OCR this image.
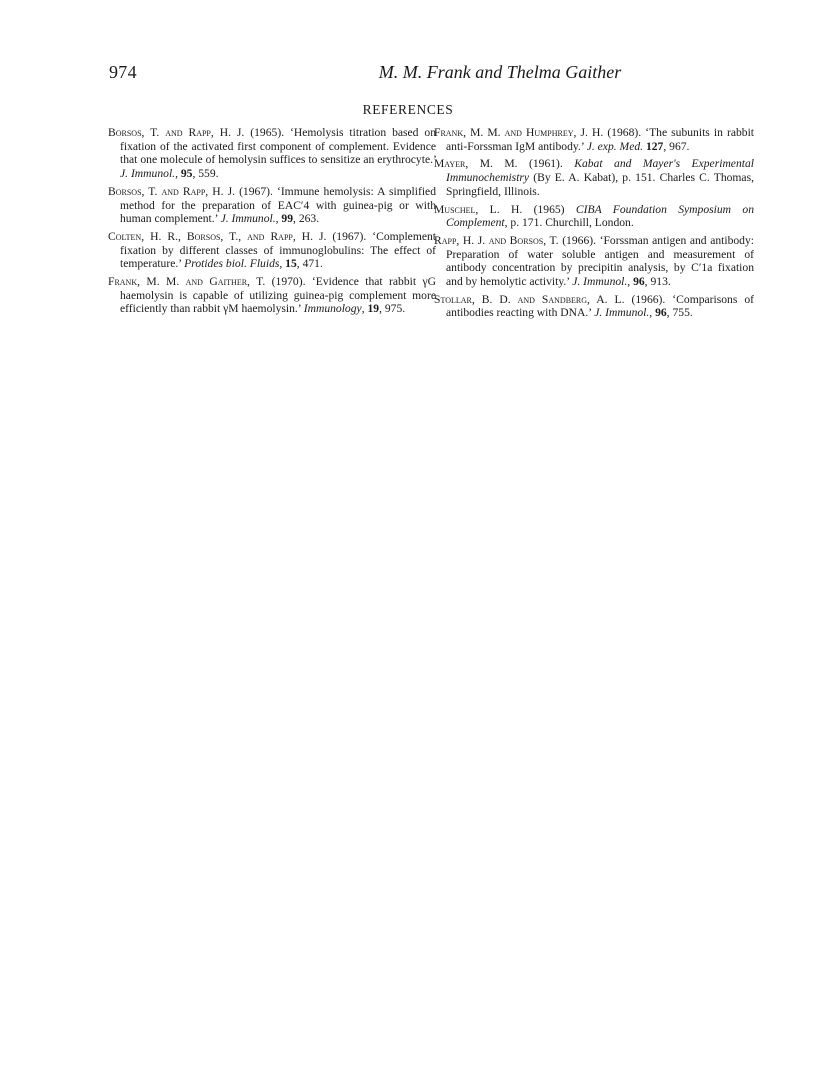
974	M. M. Frank and Thelma Gaither
REFERENCES

Borsos, T. and Rapp, H. J. (1965). ‘Hemolysis titration based on fixation of the activated first component of complement. Evidence that one molecule of hemolysin suffices to sensitize an erythrocyte.’ J. Immunol., 95, 559.

Borsos, T. and Rapp, H. J. (1967). ‘Immune hemolysis: A simplified method for the preparation of EAC′4 with guinea-pig or with human complement.’ J. Immunol., 99, 263.

Colten, H. R., Borsos, T., and Rapp, H. J. (1967). ‘Complement fixation by different classes of immunoglobulins: The effect of temperature.’ Protides biol. Fluids, 15, 471.

Frank, M. M. and Gaither, T. (1970). ‘Evidence that rabbit γG haemolysin is capable of utilizing guinea-pig complement more efficiently than rabbit γM haemolysin.’ Immunology, 19, 975.

Frank, M. M. and Humphrey, J. H. (1968). ‘The subunits in rabbit anti-Forssman IgM antibody.’ J. exp. Med. 127, 967.

Mayer, M. M. (1961). Kabat and Mayer's Experimental Immunochemistry (By E. A. Kabat), p. 151. Charles C. Thomas, Springfield, Illinois.

Muschel, L. H. (1965) CIBA Foundation Symposium on Complement, p. 171. Churchill, London.

Rapp, H. J. and Borsos, T. (1966). ‘Forssman antigen and antibody: Preparation of water soluble antigen and measurement of antibody concentration by precipitin analysis, by C′1a fixation and by hemolytic activity.’ J. Immunol., 96, 913.

Stollar, B. D. and Sandberg, A. L. (1966). ‘Comparisons of antibodies reacting with DNA.’ J. Immunol., 96, 755.
